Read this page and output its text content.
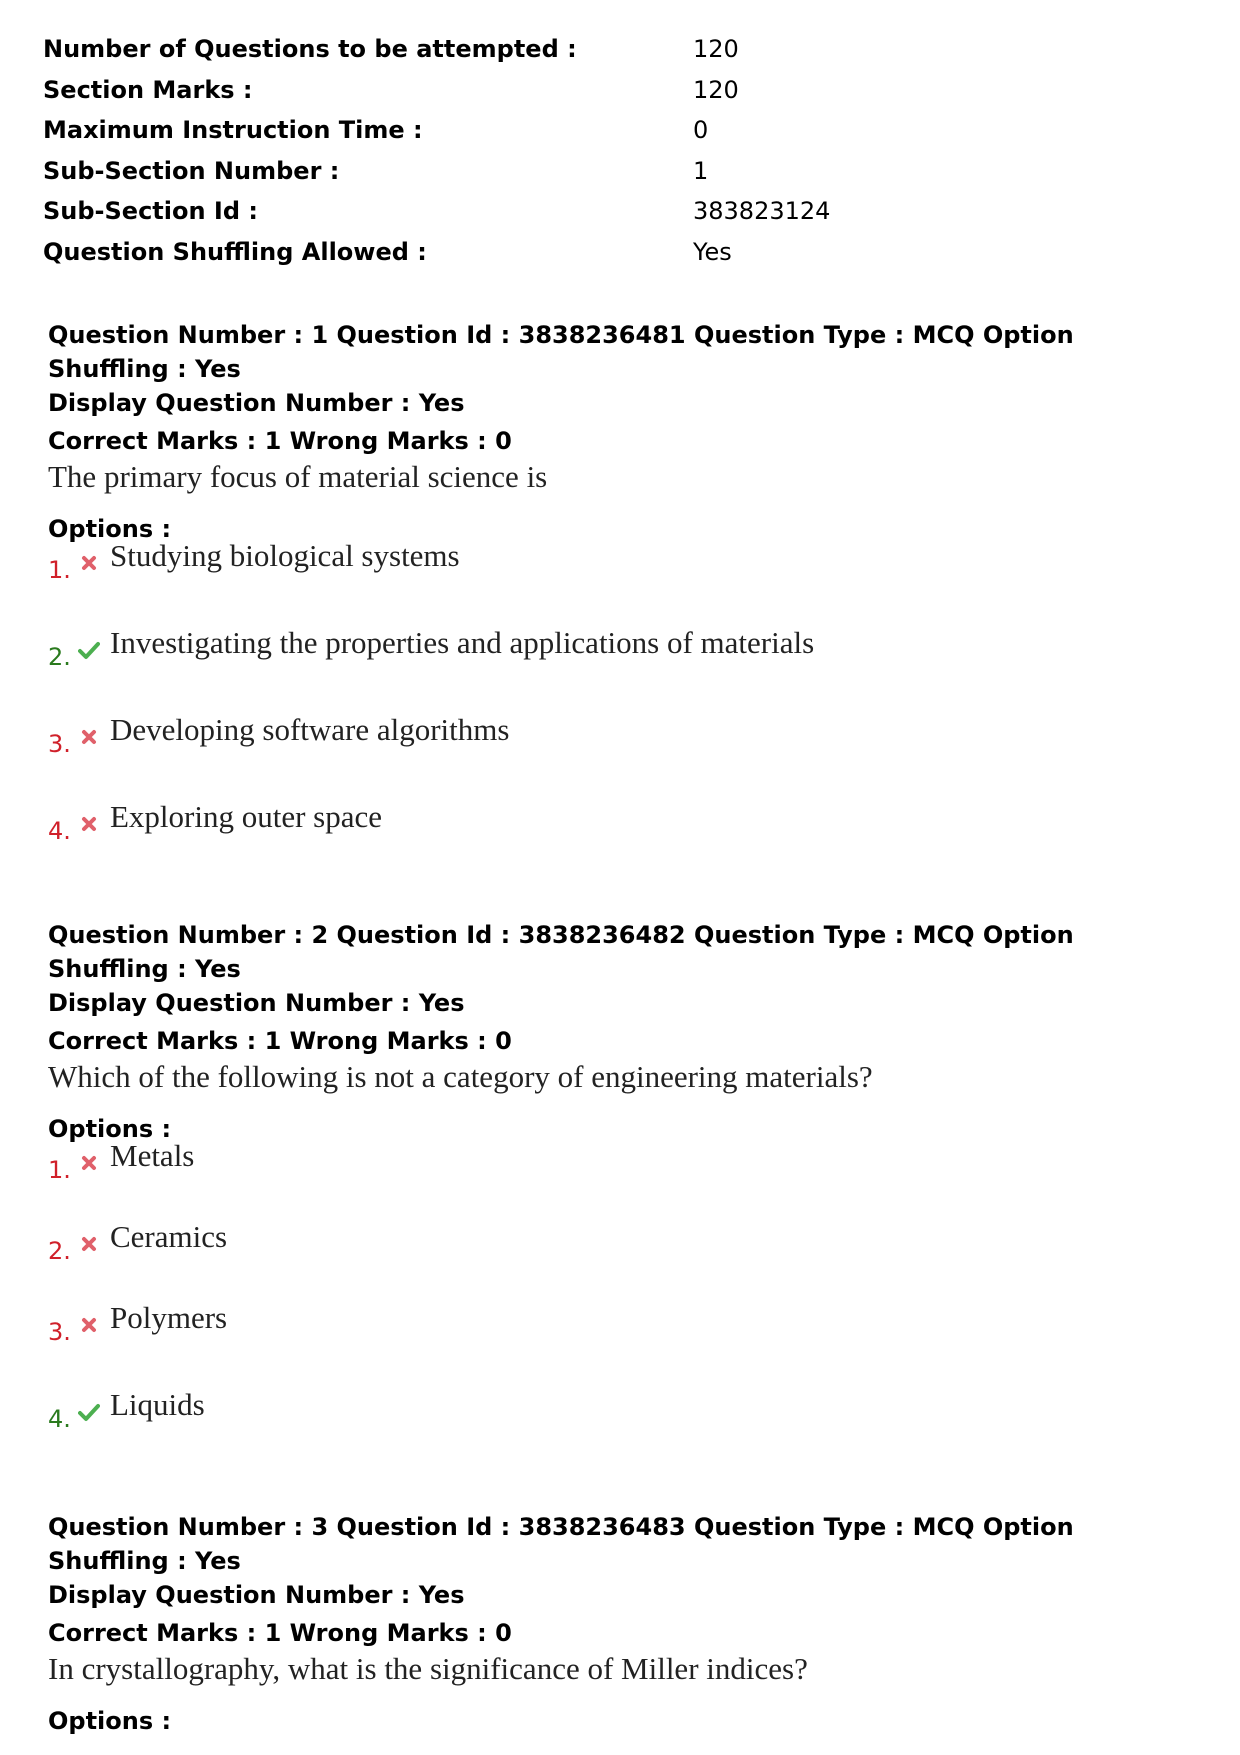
Number of Questions to be attempted :	120
Section Marks :	120
Maximum Instruction Time :	0
Sub-Section Number :	1
Sub-Section Id :	383823124
Question Shuffling Allowed :	Yes
Question Number : 1 Question Id : 3838236481 Question Type : MCQ Option Shuffling : Yes
Display Question Number : Yes
Correct Marks : 1 Wrong Marks : 0
The primary focus of material science is
Options :
1. Studying biological systems
2. Investigating the properties and applications of materials
3. Developing software algorithms
4. Exploring outer space
Question Number : 2 Question Id : 3838236482 Question Type : MCQ Option Shuffling : Yes
Display Question Number : Yes
Correct Marks : 1 Wrong Marks : 0
Which of the following is not a category of engineering materials?
Options :
1. Metals
2. Ceramics
3. Polymers
4. Liquids
Question Number : 3 Question Id : 3838236483 Question Type : MCQ Option Shuffling : Yes
Display Question Number : Yes
Correct Marks : 1 Wrong Marks : 0
In crystallography, what is the significance of Miller indices?
Options :
